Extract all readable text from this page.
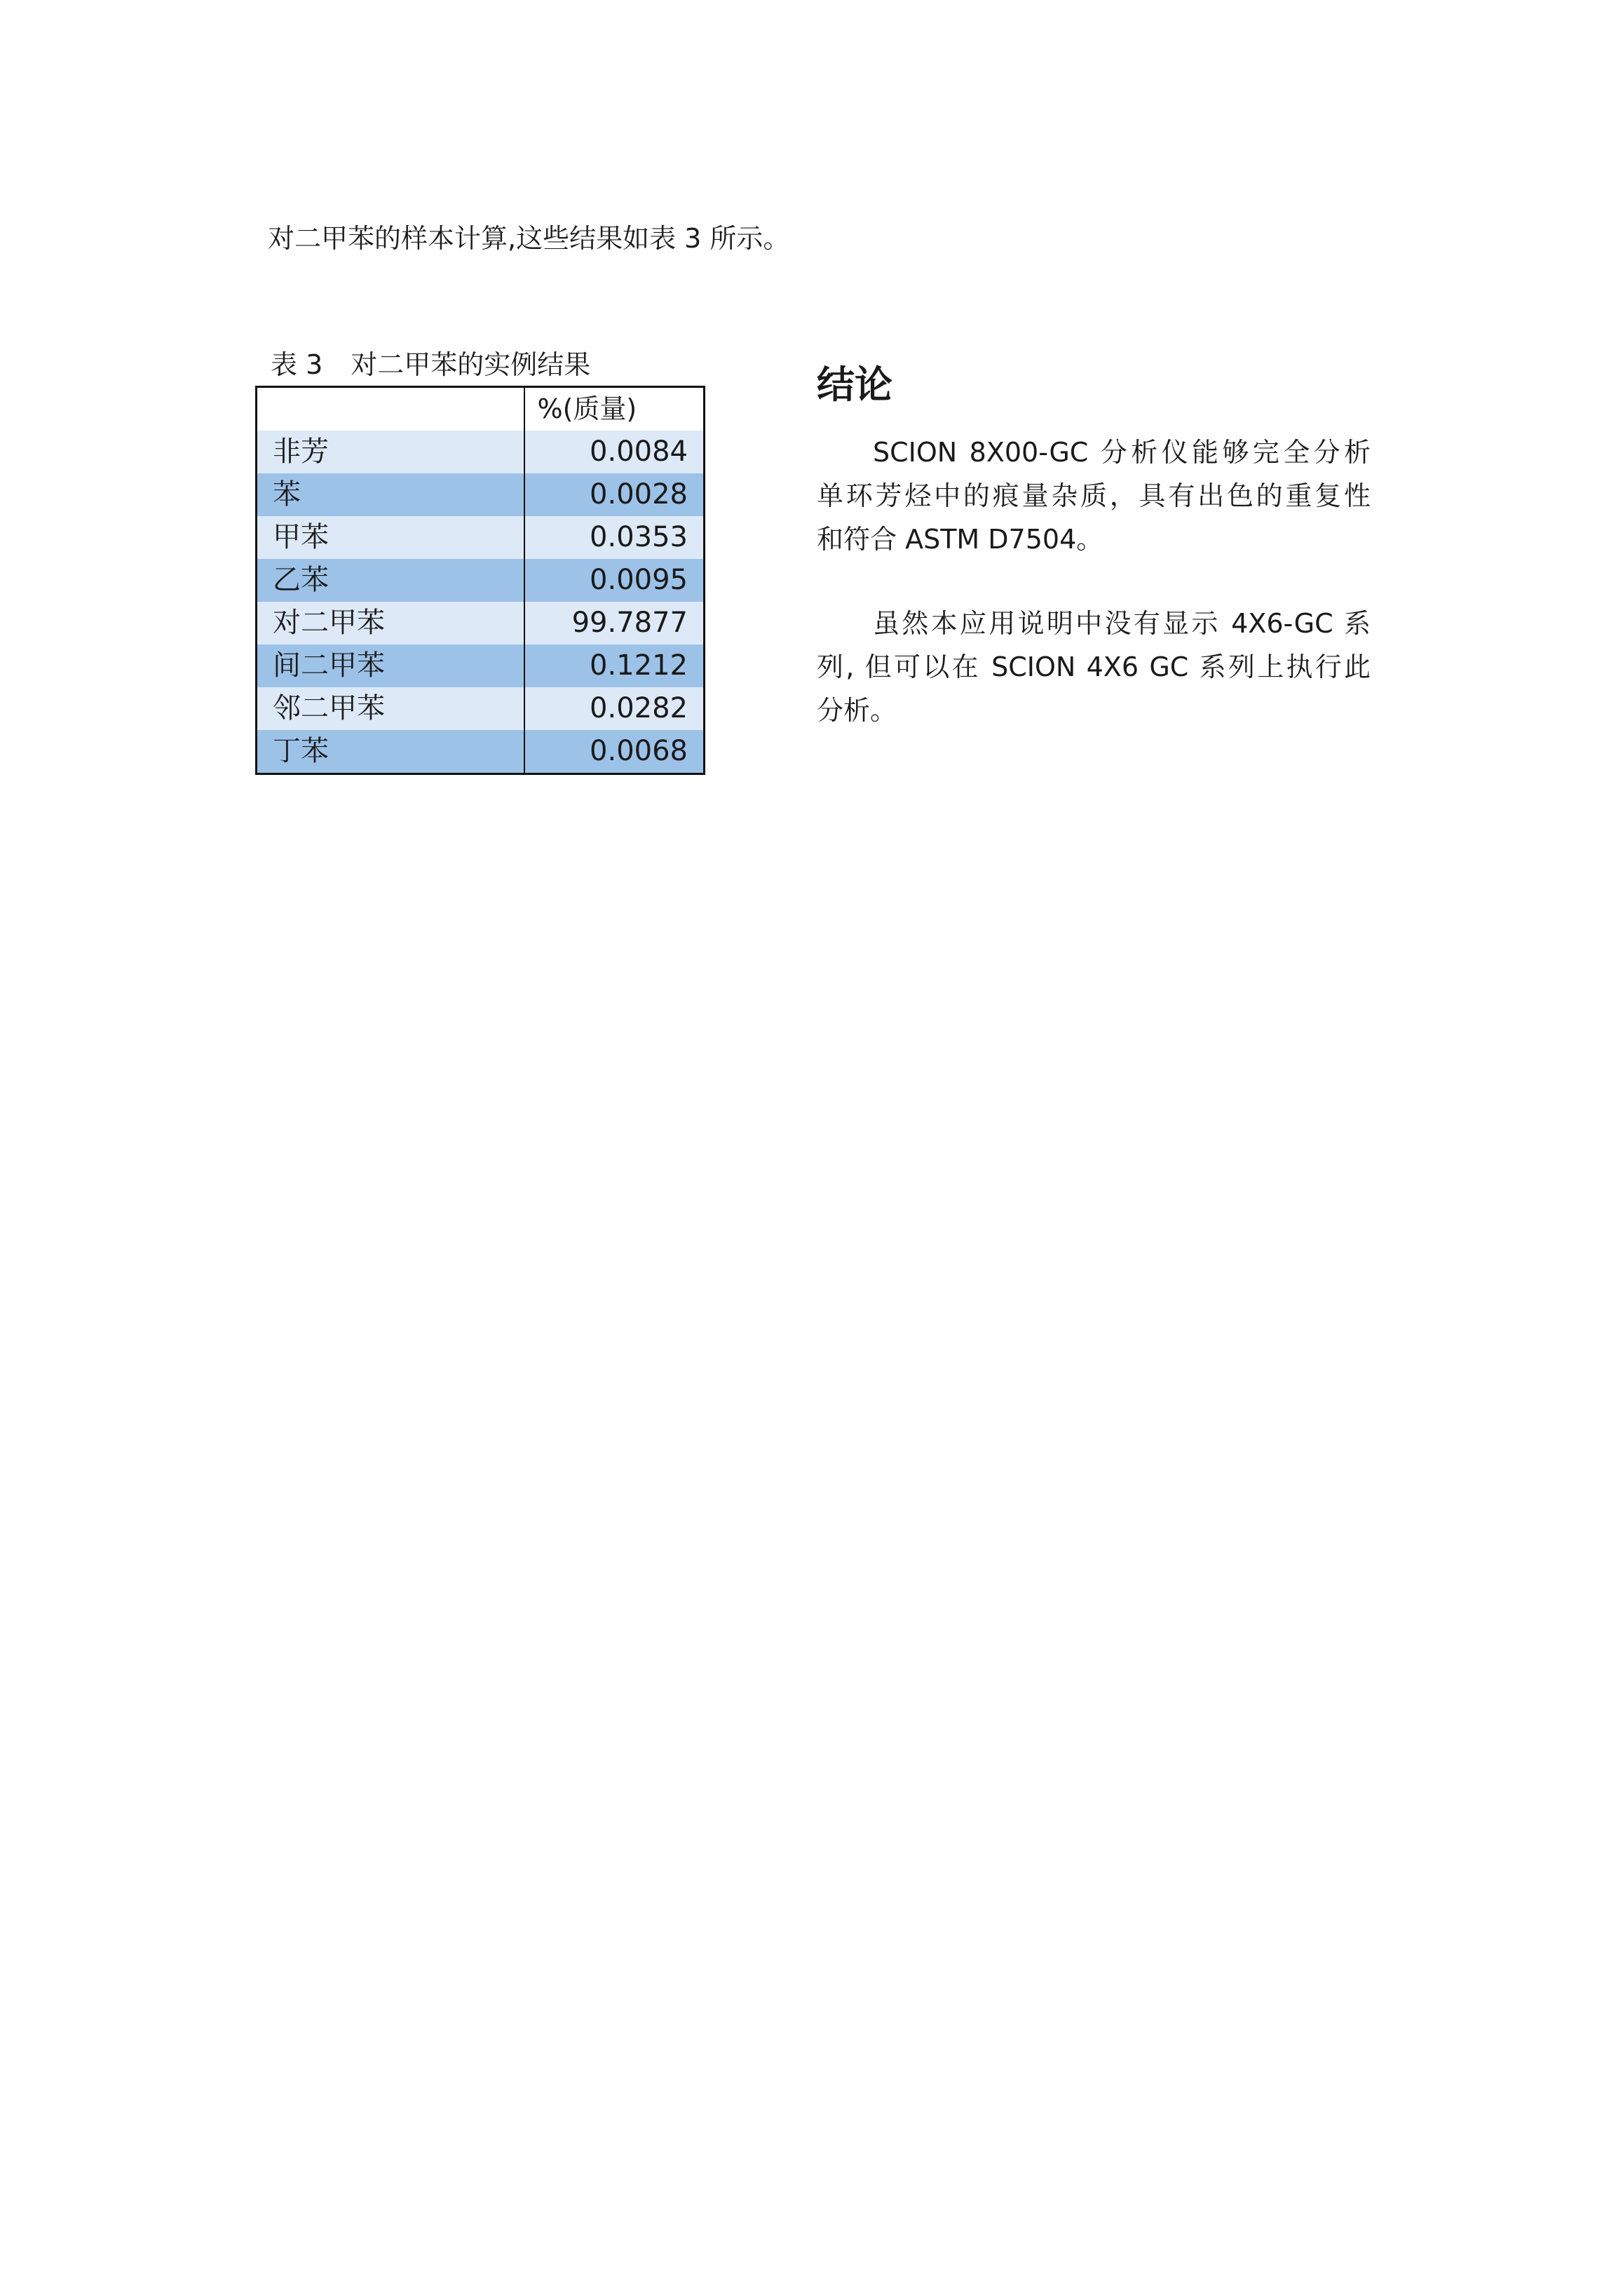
对二甲苯的样本计算,这些结果如表 3 所示。
表 3 对二甲苯的实例结果
	%(质量)
非芳	0.0084
苯	0.0028
甲苯	0.0353
乙苯	0.0095
对二甲苯	99.7877
间二甲苯	0.1212
邻二甲苯	0.0282
丁苯	0.0068
结论

SCION 8X00-GC 分析仪能够完全分析
单环芳烃中的痕量杂质，具有出色的重复性
和符合 ASTM D7504。

虽然本应用说明中没有显示 4X6-GC 系
列, 但可以在 SCION 4X6 GC 系列上执行此
分析。
